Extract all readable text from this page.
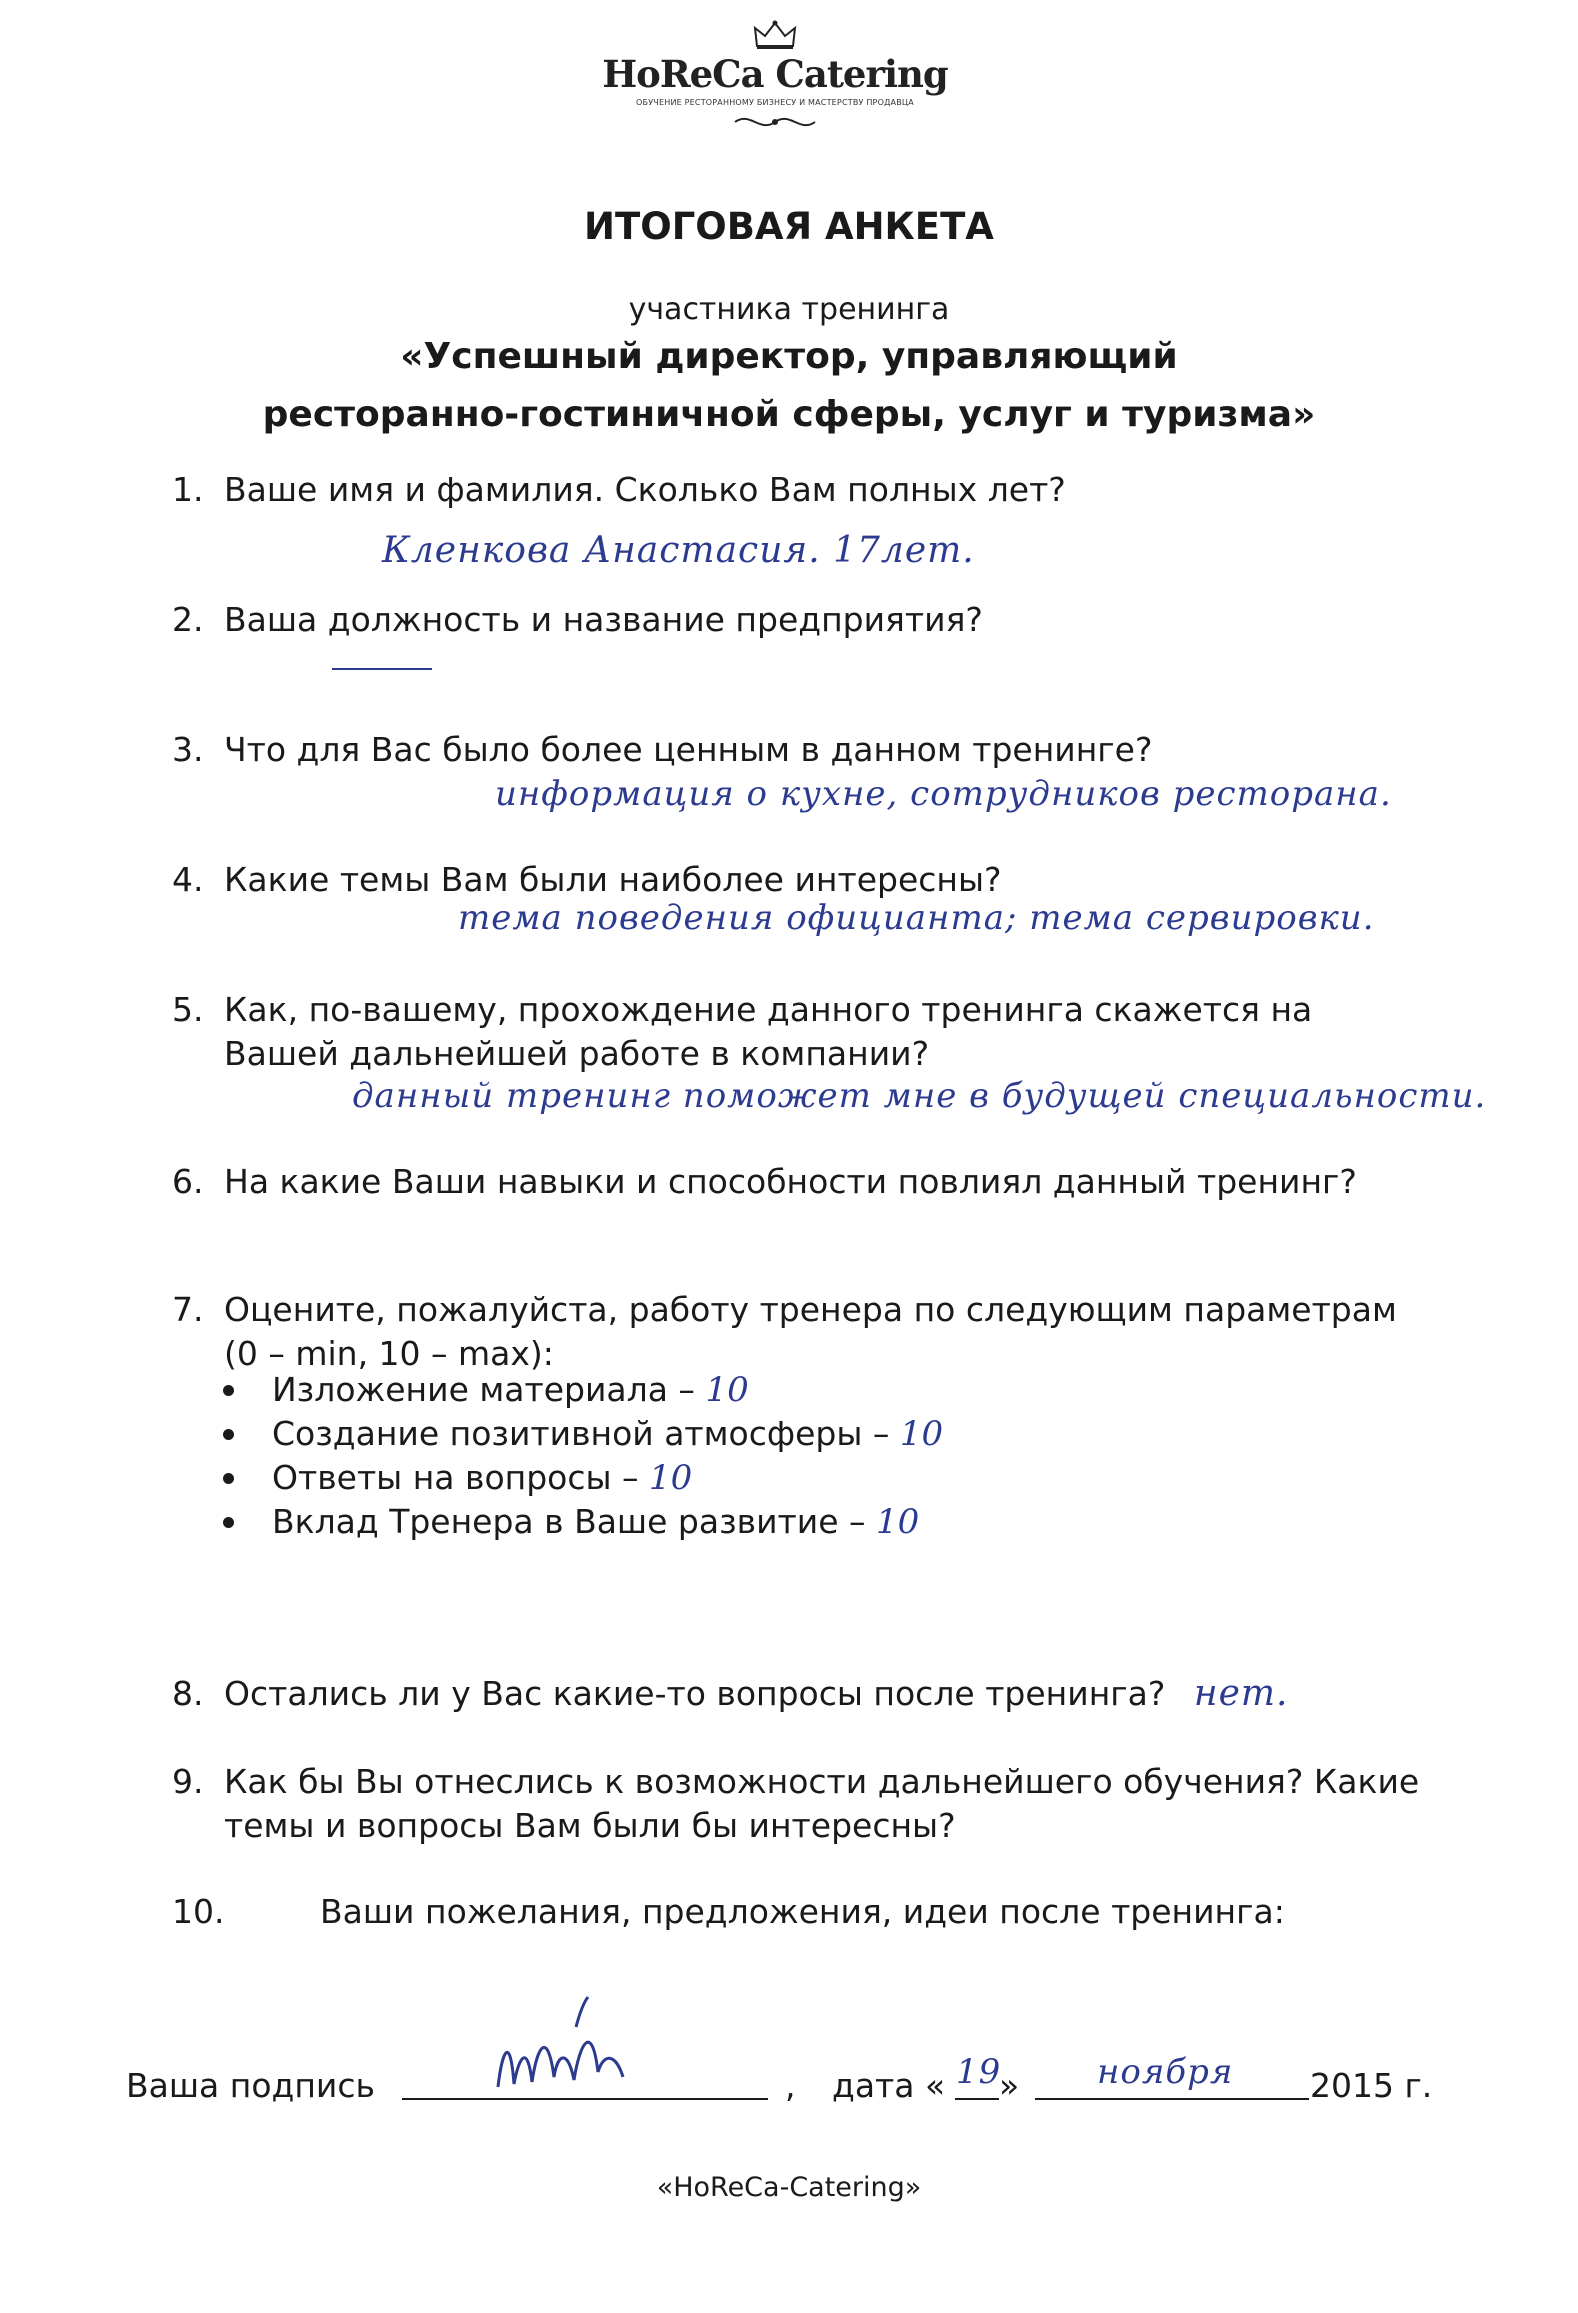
HoReCa Catering
ОБУЧЕНИЕ РЕСТОРАННОМУ БИЗНЕСУ И МАСТЕРСТВУ ПРОДАВЦА
ИТОГОВАЯ АНКЕТА
участника тренинга
«Успешный директор, управляющий
ресторанно-гостиничной сферы, услуг и туризма»
1. Ваше имя и фамилия. Сколько Вам полных лет?
Кленкова Анастасия. 17лет.
2. Ваша должность и название предприятия?
3. Что для Вас было более ценным в данном тренинге?
информация о кухне, сотрудников ресторана.
4. Какие темы Вам были наиболее интересны?
тема поведения официанта; тема сервировки.
5. Как, по-вашему, прохождение данного тренинга скажется на
Вашей дальнейшей работе в компании?
данный тренинг поможет мне в будущей специальности.
6. На какие Ваши навыки и способности повлиял данный тренинг?
7. Оцените, пожалуйста, работу тренера по следующим параметрам
(0 – min, 10 – max):
Изложение материала – 10
Создание позитивной атмосферы – 10
Ответы на вопросы – 10
Вклад Тренера в Ваше развитие – 10
8. Остались ли у Вас какие-то вопросы после тренинга? нет.
9. Как бы Вы отнеслись к возможности дальнейшего обучения? Какие
темы и вопросы Вам были бы интересны?
10.	Ваши пожелания, предложения, идеи после тренинга:
Ваша подпись	, дата « 19
» ноября 2015 г.
«HoReCa-Catering»
